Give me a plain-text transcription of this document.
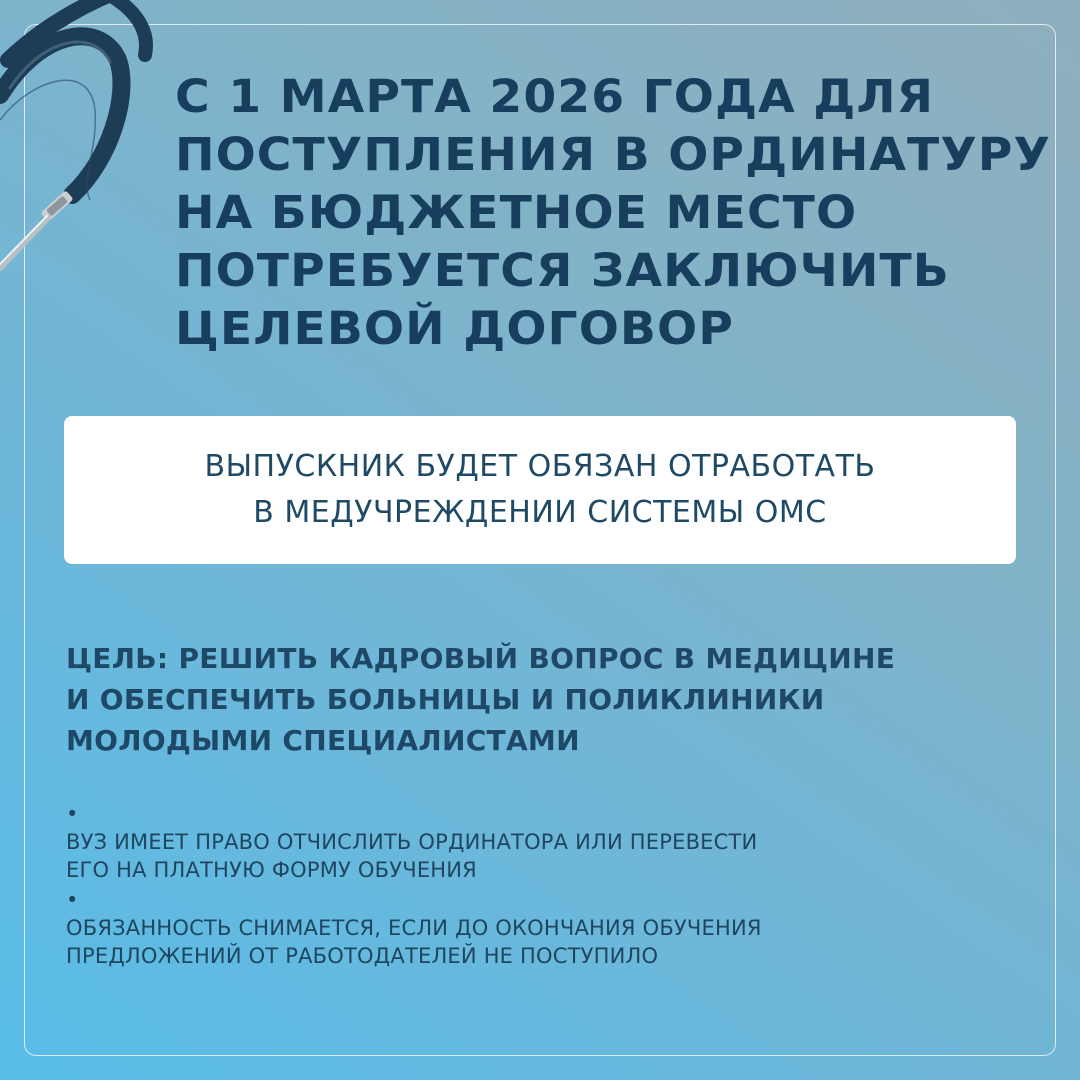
С 1 МАРТА 2026 ГОДА ДЛЯ
ПОСТУПЛЕНИЯ В ОРДИНАТУРУ
НА БЮДЖЕТНОЕ МЕСТО
ПОТРЕБУЕТСЯ ЗАКЛЮЧИТЬ
ЦЕЛЕВОЙ ДОГОВОР
ВЫПУСКНИК БУДЕТ ОБЯЗАН ОТРАБОТАТЬ
В МЕДУЧРЕЖДЕНИИ СИСТЕМЫ ОМС
ЦЕЛЬ: РЕШИТЬ КАДРОВЫЙ ВОПРОС В МЕДИЦИНЕ
И ОБЕСПЕЧИТЬ БОЛЬНИЦЫ И ПОЛИКЛИНИКИ
МОЛОДЫМИ СПЕЦИАЛИСТАМИ
•
ВУЗ ИМЕЕТ ПРАВО ОТЧИСЛИТЬ ОРДИНАТОРА ИЛИ ПЕРЕВЕСТИ
ЕГО НА ПЛАТНУЮ ФОРМУ ОБУЧЕНИЯ
•
ОБЯЗАННОСТЬ СНИМАЕТСЯ, ЕСЛИ ДО ОКОНЧАНИЯ ОБУЧЕНИЯ
ПРЕДЛОЖЕНИЙ ОТ РАБОТОДАТЕЛЕЙ НЕ ПОСТУПИЛО
